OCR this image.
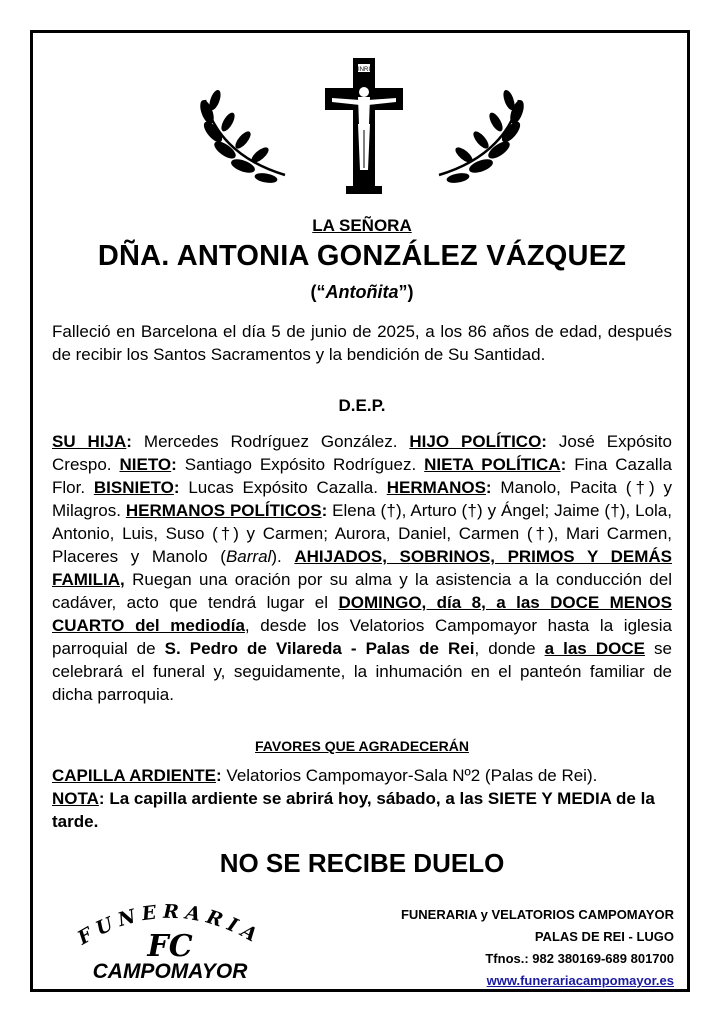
INRI
LA SEÑORA
DÑA. ANTONIA GONZÁLEZ VÁZQUEZ
(“Antoñita”)
Falleció en Barcelona el día 5 de junio de 2025, a los 86 años de edad, después de recibir los Santos Sacramentos y la bendición de Su Santidad.
D.E.P.
SU HIJA: Mercedes Rodríguez González. HIJO POLÍTICO: José Expósito Crespo. NIETO: Santiago Expósito Rodríguez. NIETA POLÍTICA: Fina Cazalla Flor. BISNIETO: Lucas Expósito Cazalla. HERMANOS: Manolo, Pacita (†) y Milagros. HERMANOS POLÍTICOS: Elena (†), Arturo (†) y Ángel; Jaime (†), Lola, Antonio, Luis, Suso (†) y Carmen; Aurora, Daniel, Carmen (†), Mari Carmen, Placeres y Manolo (Barral). AHIJADOS, SOBRINOS, PRIMOS Y DEMÁS FAMILIA, Ruegan una oración por su alma y la asistencia a la conducción del cadáver, acto que tendrá lugar el DOMINGO, día 8, a las DOCE MENOS CUARTO del mediodía, desde los Velatorios Campomayor hasta la iglesia parroquial de S. Pedro de Vilareda - Palas de Rei, donde a las DOCE se celebrará el funeral y, seguidamente, la inhumación en el panteón familiar de dicha parroquia.
FAVORES QUE AGRADECERÁN
CAPILLA ARDIENTE: Velatorios Campomayor-Sala Nº2 (Palas de Rei).
NOTA: La capilla ardiente se abrirá hoy, sábado, a las SIETE Y MEDIA de la tarde.
NO SE RECIBE DUELO
FUNERARIA
FC
CAMPOMAYOR
FUNERARIA y VELATORIOS CAMPOMAYOR
PALAS DE REI - LUGO
Tfnos.: 982 380169-689 801700
www.funerariacampomayor.es
